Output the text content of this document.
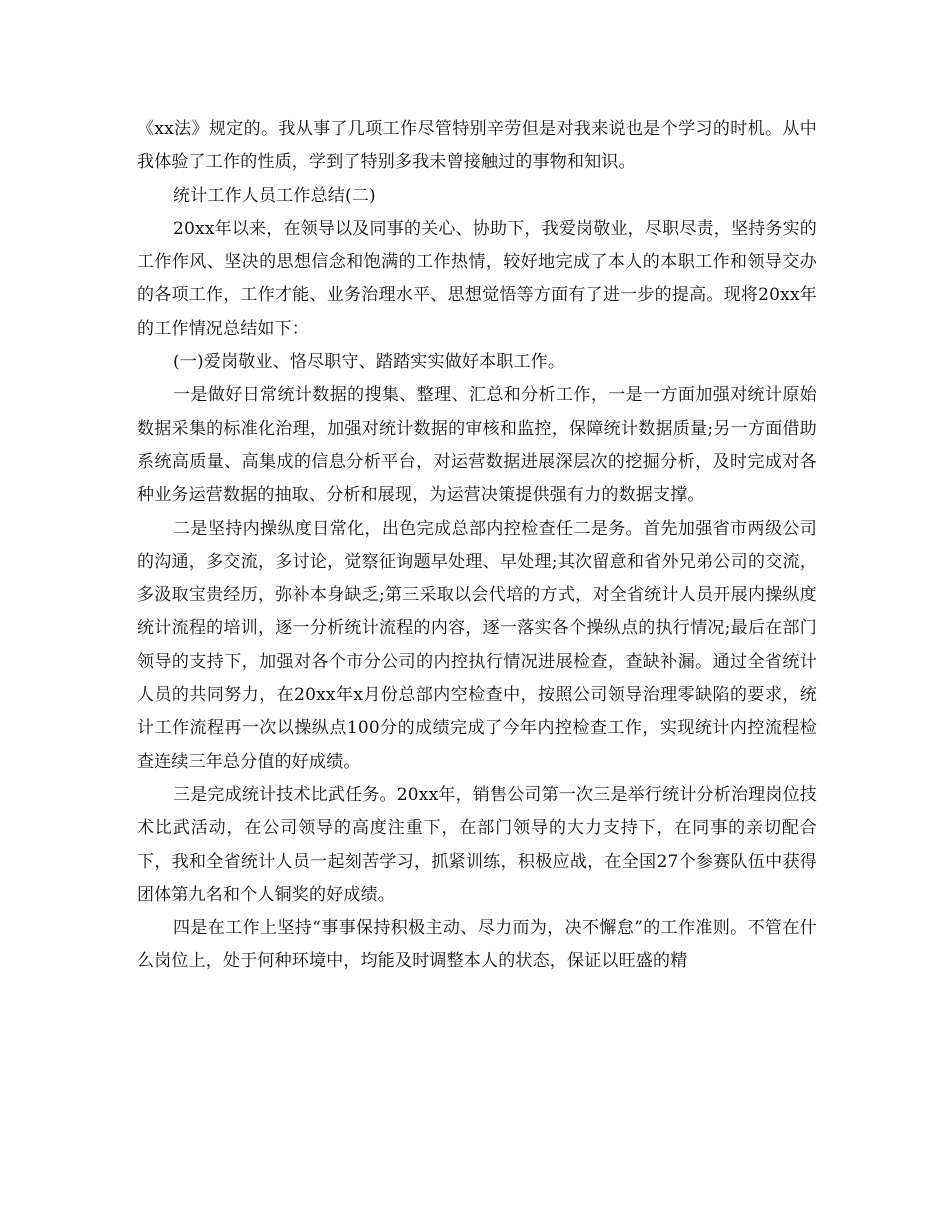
《xx法》规定的。我从事了几项工作尽管特别辛劳但是对我来说也是个学习的时机。从中我体验了工作的性质，学到了特别多我未曾接触过的事物和知识。

统计工作人员工作总结(二)

20xx年以来，在领导以及同事的关心、协助下，我爱岗敬业，尽职尽责，坚持务实的工作作风、坚决的思想信念和饱满的工作热情，较好地完成了本人的本职工作和领导交办的各项工作，工作才能、业务治理水平、思想觉悟等方面有了进一步的提高。现将20xx年的工作情况总结如下：

(一)爱岗敬业、恪尽职守、踏踏实实做好本职工作。

一是做好日常统计数据的搜集、整理、汇总和分析工作，一是一方面加强对统计原始数据采集的标准化治理，加强对统计数据的审核和监控，保障统计数据质量;另一方面借助系统高质量、高集成的信息分析平台，对运营数据进展深层次的挖掘分析，及时完成对各种业务运营数据的抽取、分析和展现，为运营决策提供强有力的数据支撑。

二是坚持内操纵度日常化，出色完成总部内控检查任二是务。首先加强省市两级公司的沟通，多交流，多讨论，觉察征询题早处理、早处理;其次留意和省外兄弟公司的交流，多汲取宝贵经历，弥补本身缺乏;第三采取以会代培的方式，对全省统计人员开展内操纵度统计流程的培训，逐一分析统计流程的内容，逐一落实各个操纵点的执行情况;最后在部门领导的支持下，加强对各个市分公司的内控执行情况进展检查，查缺补漏。通过全省统计人员的共同努力，在20xx年x月份总部内空检查中，按照公司领导治理零缺陷的要求，统计工作流程再一次以操纵点100分的成绩完成了今年内控检查工作，实现统计内控流程检查连续三年总分值的好成绩。

三是完成统计技术比武任务。20xx年，销售公司第一次三是举行统计分析治理岗位技术比武活动，在公司领导的高度注重下，在部门领导的大力支持下，在同事的亲切配合下，我和全省统计人员一起刻苦学习，抓紧训练，积极应战，在全国27个参赛队伍中获得团体第九名和个人铜奖的好成绩。

四是在工作上坚持“事事保持积极主动、尽力而为，决不懈怠”的工作准则。不管在什么岗位上，处于何种环境中，均能及时调整本人的状态，保证以旺盛的精
